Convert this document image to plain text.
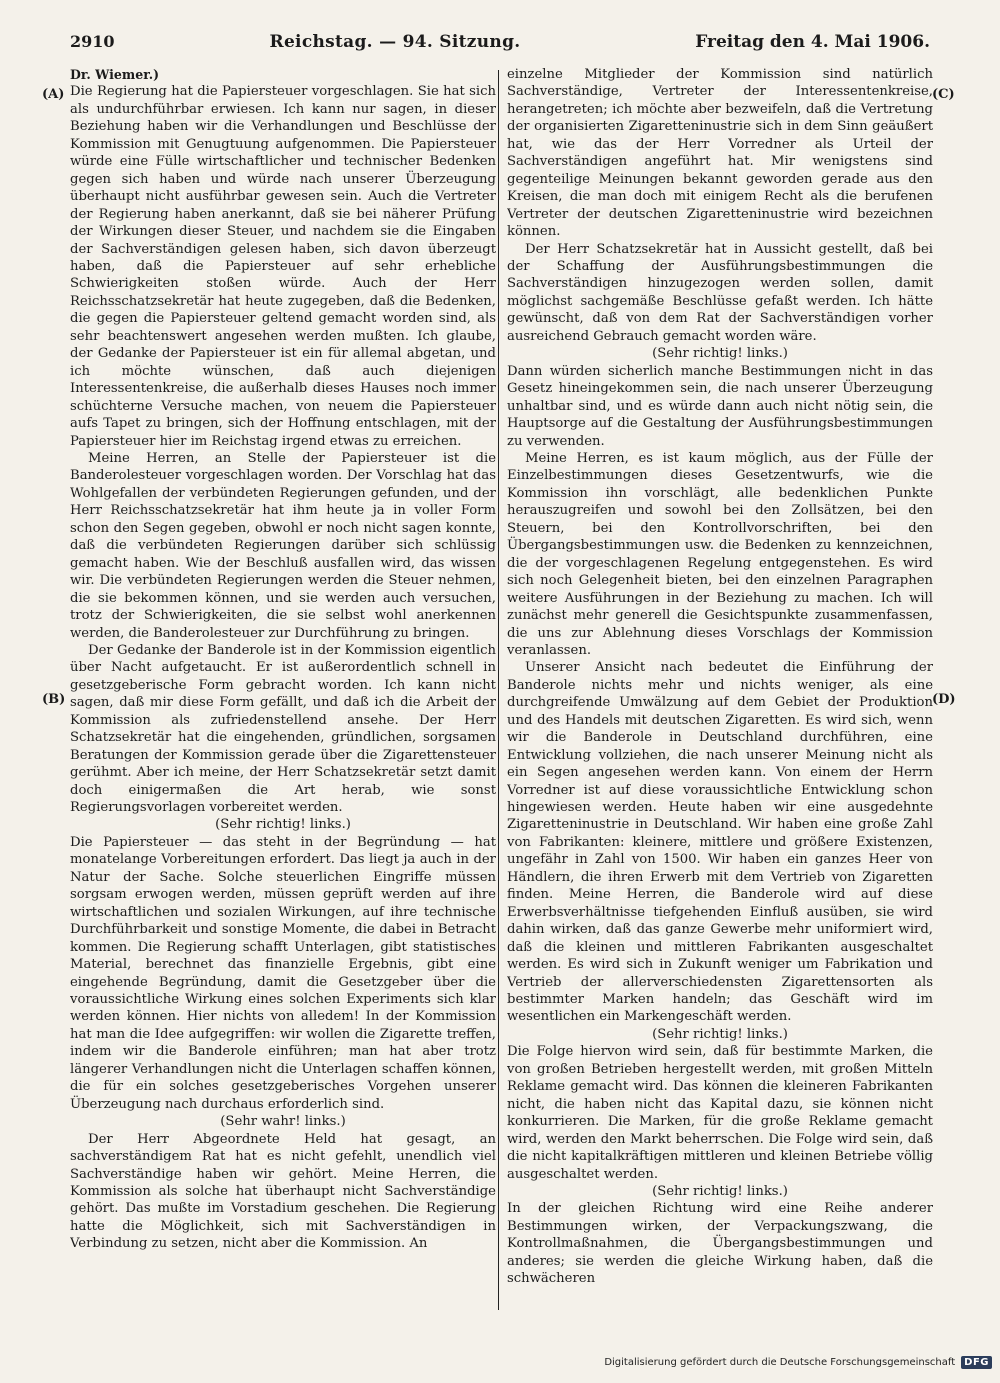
2910	Reichstag. — 94. Sitzung.	Freitag den 4. Mai 1906.
(A)
(B)
(C)
(D)

Dr. Wiemer.)

Die Regierung hat die Papiersteuer vorgeschlagen. Sie hat sich als undurchführbar erwiesen. Ich kann nur sagen, in dieser Beziehung haben wir die Verhandlungen und Beschlüsse der Kommission mit Genugtuung aufgenommen. Die Papiersteuer würde eine Fülle wirtschaftlicher und technischer Bedenken gegen sich haben und würde nach unserer Überzeugung überhaupt nicht ausführbar gewesen sein. Auch die Vertreter der Regierung haben anerkannt, daß sie bei näherer Prüfung der Wirkungen dieser Steuer, und nachdem sie die Eingaben der Sachverständigen gelesen haben, sich davon überzeugt haben, daß die Papiersteuer auf sehr erhebliche Schwierigkeiten stoßen würde. Auch der Herr Reichsschatzsekretär hat heute zugegeben, daß die Bedenken, die gegen die Papiersteuer geltend gemacht worden sind, als sehr beachtenswert angesehen werden mußten. Ich glaube, der Gedanke der Papiersteuer ist ein für allemal abgetan, und ich möchte wünschen, daß auch diejenigen Interessentenkreise, die außerhalb dieses Hauses noch immer schüchterne Versuche machen, von neuem die Papiersteuer aufs Tapet zu bringen, sich der Hoffnung entschlagen, mit der Papiersteuer hier im Reichstag irgend etwas zu erreichen.

Meine Herren, an Stelle der Papiersteuer ist die Banderolesteuer vorgeschlagen worden. Der Vorschlag hat das Wohlgefallen der verbündeten Regierungen gefunden, und der Herr Reichsschatzsekretär hat ihm heute ja in voller Form schon den Segen gegeben, obwohl er noch nicht sagen konnte, daß die verbündeten Regierungen darüber sich schlüssig gemacht haben. Wie der Beschluß ausfallen wird, das wissen wir. Die verbündeten Regierungen werden die Steuer nehmen, die sie bekommen können, und sie werden auch versuchen, trotz der Schwierigkeiten, die sie selbst wohl anerkennen werden, die Banderolesteuer zur Durchführung zu bringen.

Der Gedanke der Banderole ist in der Kommission eigentlich über Nacht aufgetaucht. Er ist außerordentlich schnell in gesetzgeberische Form gebracht worden. Ich kann nicht sagen, daß mir diese Form gefällt, und daß ich die Arbeit der Kommission als zufriedenstellend ansehe. Der Herr Schatzsekretär hat die eingehenden, gründlichen, sorgsamen Beratungen der Kommission gerade über die Zigarettensteuer gerühmt. Aber ich meine, der Herr Schatzsekretär setzt damit doch einigermaßen die Art herab, wie sonst Regierungsvorlagen vorbereitet werden.

(Sehr richtig! links.)

Die Papiersteuer — das steht in der Begründung — hat monatelange Vorbereitungen erfordert. Das liegt ja auch in der Natur der Sache. Solche steuerlichen Eingriffe müssen sorgsam erwogen werden, müssen geprüft werden auf ihre wirtschaftlichen und sozialen Wirkungen, auf ihre technische Durchführbarkeit und sonstige Momente, die dabei in Betracht kommen. Die Regierung schafft Unterlagen, gibt statistisches Material, berechnet das finanzielle Ergebnis, gibt eine eingehende Begründung, damit die Gesetzgeber über die voraussichtliche Wirkung eines solchen Experiments sich klar werden können. Hier nichts von alledem! In der Kommission hat man die Idee aufgegriffen: wir wollen die Zigarette treffen, indem wir die Banderole einführen; man hat aber trotz längerer Verhandlungen nicht die Unterlagen schaffen können, die für ein solches gesetzgeberisches Vorgehen unserer Überzeugung nach durchaus erforderlich sind.

(Sehr wahr! links.)

Der Herr Abgeordnete Held hat gesagt, an sachverständigem Rat hat es nicht gefehlt, unendlich viel Sachverständige haben wir gehört. Meine Herren, die Kommission als solche hat überhaupt nicht Sachverständige gehört. Das mußte im Vorstadium geschehen. Die Regierung hatte die Möglichkeit, sich mit Sachverständigen in Verbindung zu setzen, nicht aber die Kommission. An

einzelne Mitglieder der Kommission sind natürlich Sachverständige, Vertreter der Interessentenkreise, herangetreten; ich möchte aber bezweifeln, daß die Vertretung der organisierten Zigaretteninustrie sich in dem Sinn geäußert hat, wie das der Herr Vorredner als Urteil der Sachverständigen angeführt hat. Mir wenigstens sind gegenteilige Meinungen bekannt geworden gerade aus den Kreisen, die man doch mit einigem Recht als die berufenen Vertreter der deutschen Zigaretteninustrie wird bezeichnen können.

Der Herr Schatzsekretär hat in Aussicht gestellt, daß bei der Schaffung der Ausführungsbestimmungen die Sachverständigen hinzugezogen werden sollen, damit möglichst sachgemäße Beschlüsse gefaßt werden. Ich hätte gewünscht, daß von dem Rat der Sachverständigen vorher ausreichend Gebrauch gemacht worden wäre.

(Sehr richtig! links.)

Dann würden sicherlich manche Bestimmungen nicht in das Gesetz hineingekommen sein, die nach unserer Überzeugung unhaltbar sind, und es würde dann auch nicht nötig sein, die Hauptsorge auf die Gestaltung der Ausführungsbestimmungen zu verwenden.

Meine Herren, es ist kaum möglich, aus der Fülle der Einzelbestimmungen dieses Gesetzentwurfs, wie die Kommission ihn vorschlägt, alle bedenklichen Punkte herauszugreifen und sowohl bei den Zollsätzen, bei den Steuern, bei den Kontrollvorschriften, bei den Übergangsbestimmungen usw. die Bedenken zu kennzeichnen, die der vorgeschlagenen Regelung entgegenstehen. Es wird sich noch Gelegenheit bieten, bei den einzelnen Paragraphen weitere Ausführungen in der Beziehung zu machen. Ich will zunächst mehr generell die Gesichtspunkte zusammenfassen, die uns zur Ablehnung dieses Vorschlags der Kommission veranlassen.

Unserer Ansicht nach bedeutet die Einführung der Banderole nichts mehr und nichts weniger, als eine durchgreifende Umwälzung auf dem Gebiet der Produktion und des Handels mit deutschen Zigaretten. Es wird sich, wenn wir die Banderole in Deutschland durchführen, eine Entwicklung vollziehen, die nach unserer Meinung nicht als ein Segen angesehen werden kann. Von einem der Herrn Vorredner ist auf diese voraussichtliche Entwicklung schon hingewiesen werden. Heute haben wir eine ausgedehnte Zigaretteninustrie in Deutschland. Wir haben eine große Zahl von Fabrikanten: kleinere, mittlere und größere Existenzen, ungefähr in Zahl von 1500. Wir haben ein ganzes Heer von Händlern, die ihren Erwerb mit dem Vertrieb von Zigaretten finden. Meine Herren, die Banderole wird auf diese Erwerbsverhältnisse tiefgehenden Einfluß ausüben, sie wird dahin wirken, daß das ganze Gewerbe mehr uniformiert wird, daß die kleinen und mittleren Fabrikanten ausgeschaltet werden. Es wird sich in Zukunft weniger um Fabrikation und Vertrieb der allerverschiedensten Zigarettensorten als bestimmter Marken handeln; das Geschäft wird im wesentlichen ein Markengeschäft werden.

(Sehr richtig! links.)

Die Folge hiervon wird sein, daß für bestimmte Marken, die von großen Betrieben hergestellt werden, mit großen Mitteln Reklame gemacht wird. Das können die kleineren Fabrikanten nicht, die haben nicht das Kapital dazu, sie können nicht konkurrieren. Die Marken, für die große Reklame gemacht wird, werden den Markt beherrschen. Die Folge wird sein, daß die nicht kapitalkräftigen mittleren und kleinen Betriebe völlig ausgeschaltet werden.

(Sehr richtig! links.)

In der gleichen Richtung wird eine Reihe anderer Bestimmungen wirken, der Verpackungszwang, die Kontrollmaßnahmen, die Übergangsbestimmungen und anderes; sie werden die gleiche Wirkung haben, daß die schwächeren

Digitalisierung gefördert durch die Deutsche Forschungsgemeinschaft DFG
